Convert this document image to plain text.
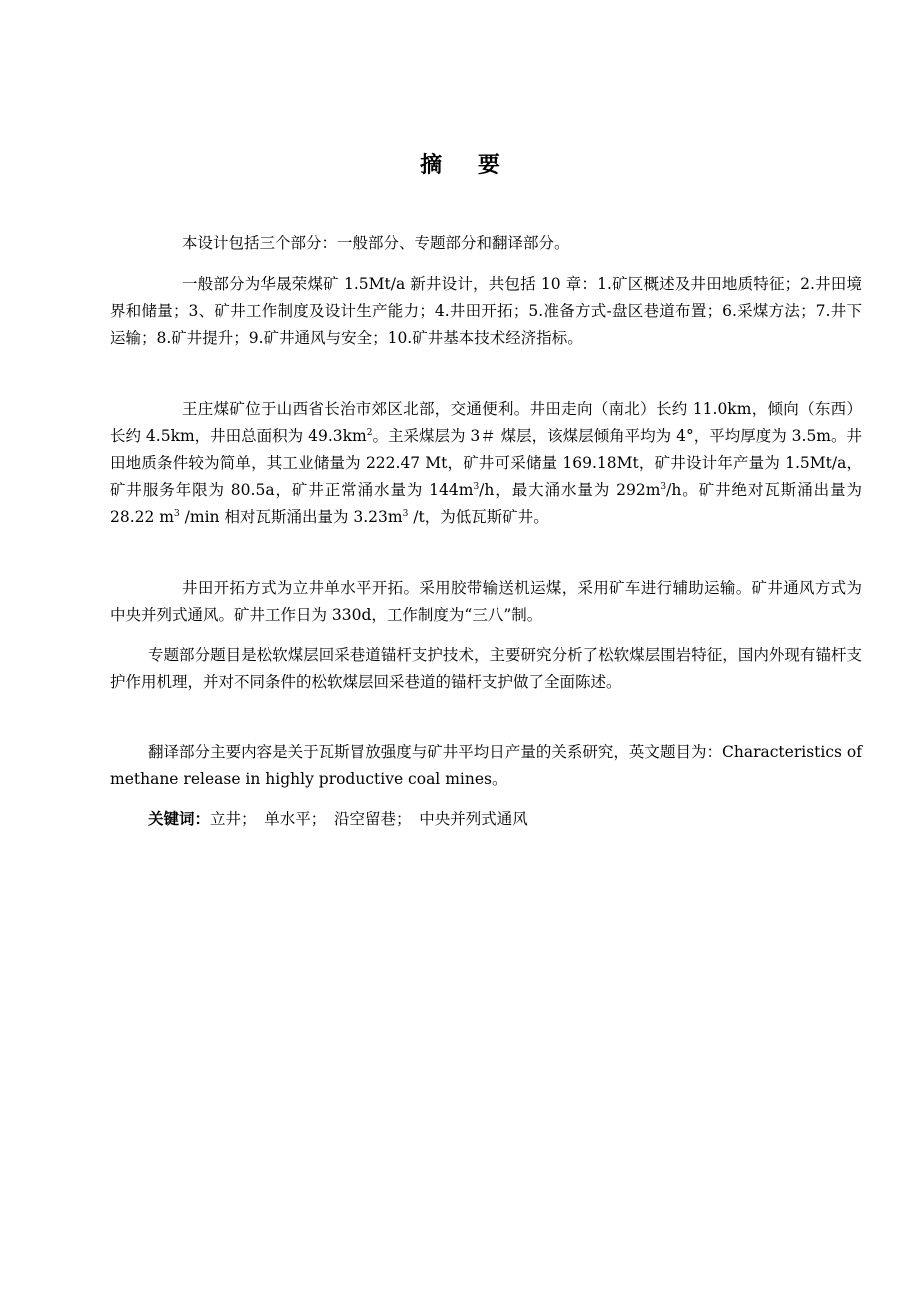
摘 要

本设计包括三个部分：一般部分、专题部分和翻译部分。

一般部分为华晟荣煤矿 1.5Mt/a 新井设计，共包括 10 章：1.矿区概述及井田地质特征；2.井田境界和储量；3、矿井工作制度及设计生产能力；4.井田开拓；5.准备方式-盘区巷道布置；6.采煤方法；7.井下运输；8.矿井提升；9.矿井通风与安全；10.矿井基本技术经济指标。

王庄煤矿位于山西省长治市郊区北部，交通便利。井田走向（南北）长约 11.0km，倾向（东西）长约 4.5km，井田总面积为 $49.3km^2$。主采煤层为 3＃ 煤层，该煤层倾角平均为 4°，平均厚度为 3.5m。井田地质条件较为简单，其工业储量为 222.47 Mt，矿井可采储量 169.18Mt，矿井设计年产量为 1.5Mt/a，矿井服务年限为 80.5a，矿井正常涌水量为 $144m^3/h$，最大涌水量为 $292m^3/h$。矿井绝对瓦斯涌出量为 28.22 $m^3$ /min 相对瓦斯涌出量为 $3.23m^3$ /t，为低瓦斯矿井。

井田开拓方式为立井单水平开拓。采用胶带输送机运煤，采用矿车进行辅助运输。矿井通风方式为中央并列式通风。矿井工作日为 330d，工作制度为“三八”制。

专题部分题目是松软煤层回采巷道锚杆支护技术，主要研究分析了松软煤层围岩特征，国内外现有锚杆支护作用机理，并对不同条件的松软煤层回采巷道的锚杆支护做了全面陈述。

翻译部分主要内容是关于瓦斯冒放强度与矿井平均日产量的关系研究，英文题目为：Characteristics of methane release in highly productive coal mines。

关键词：立井；　单水平；　沿空留巷；　中央并列式通风
